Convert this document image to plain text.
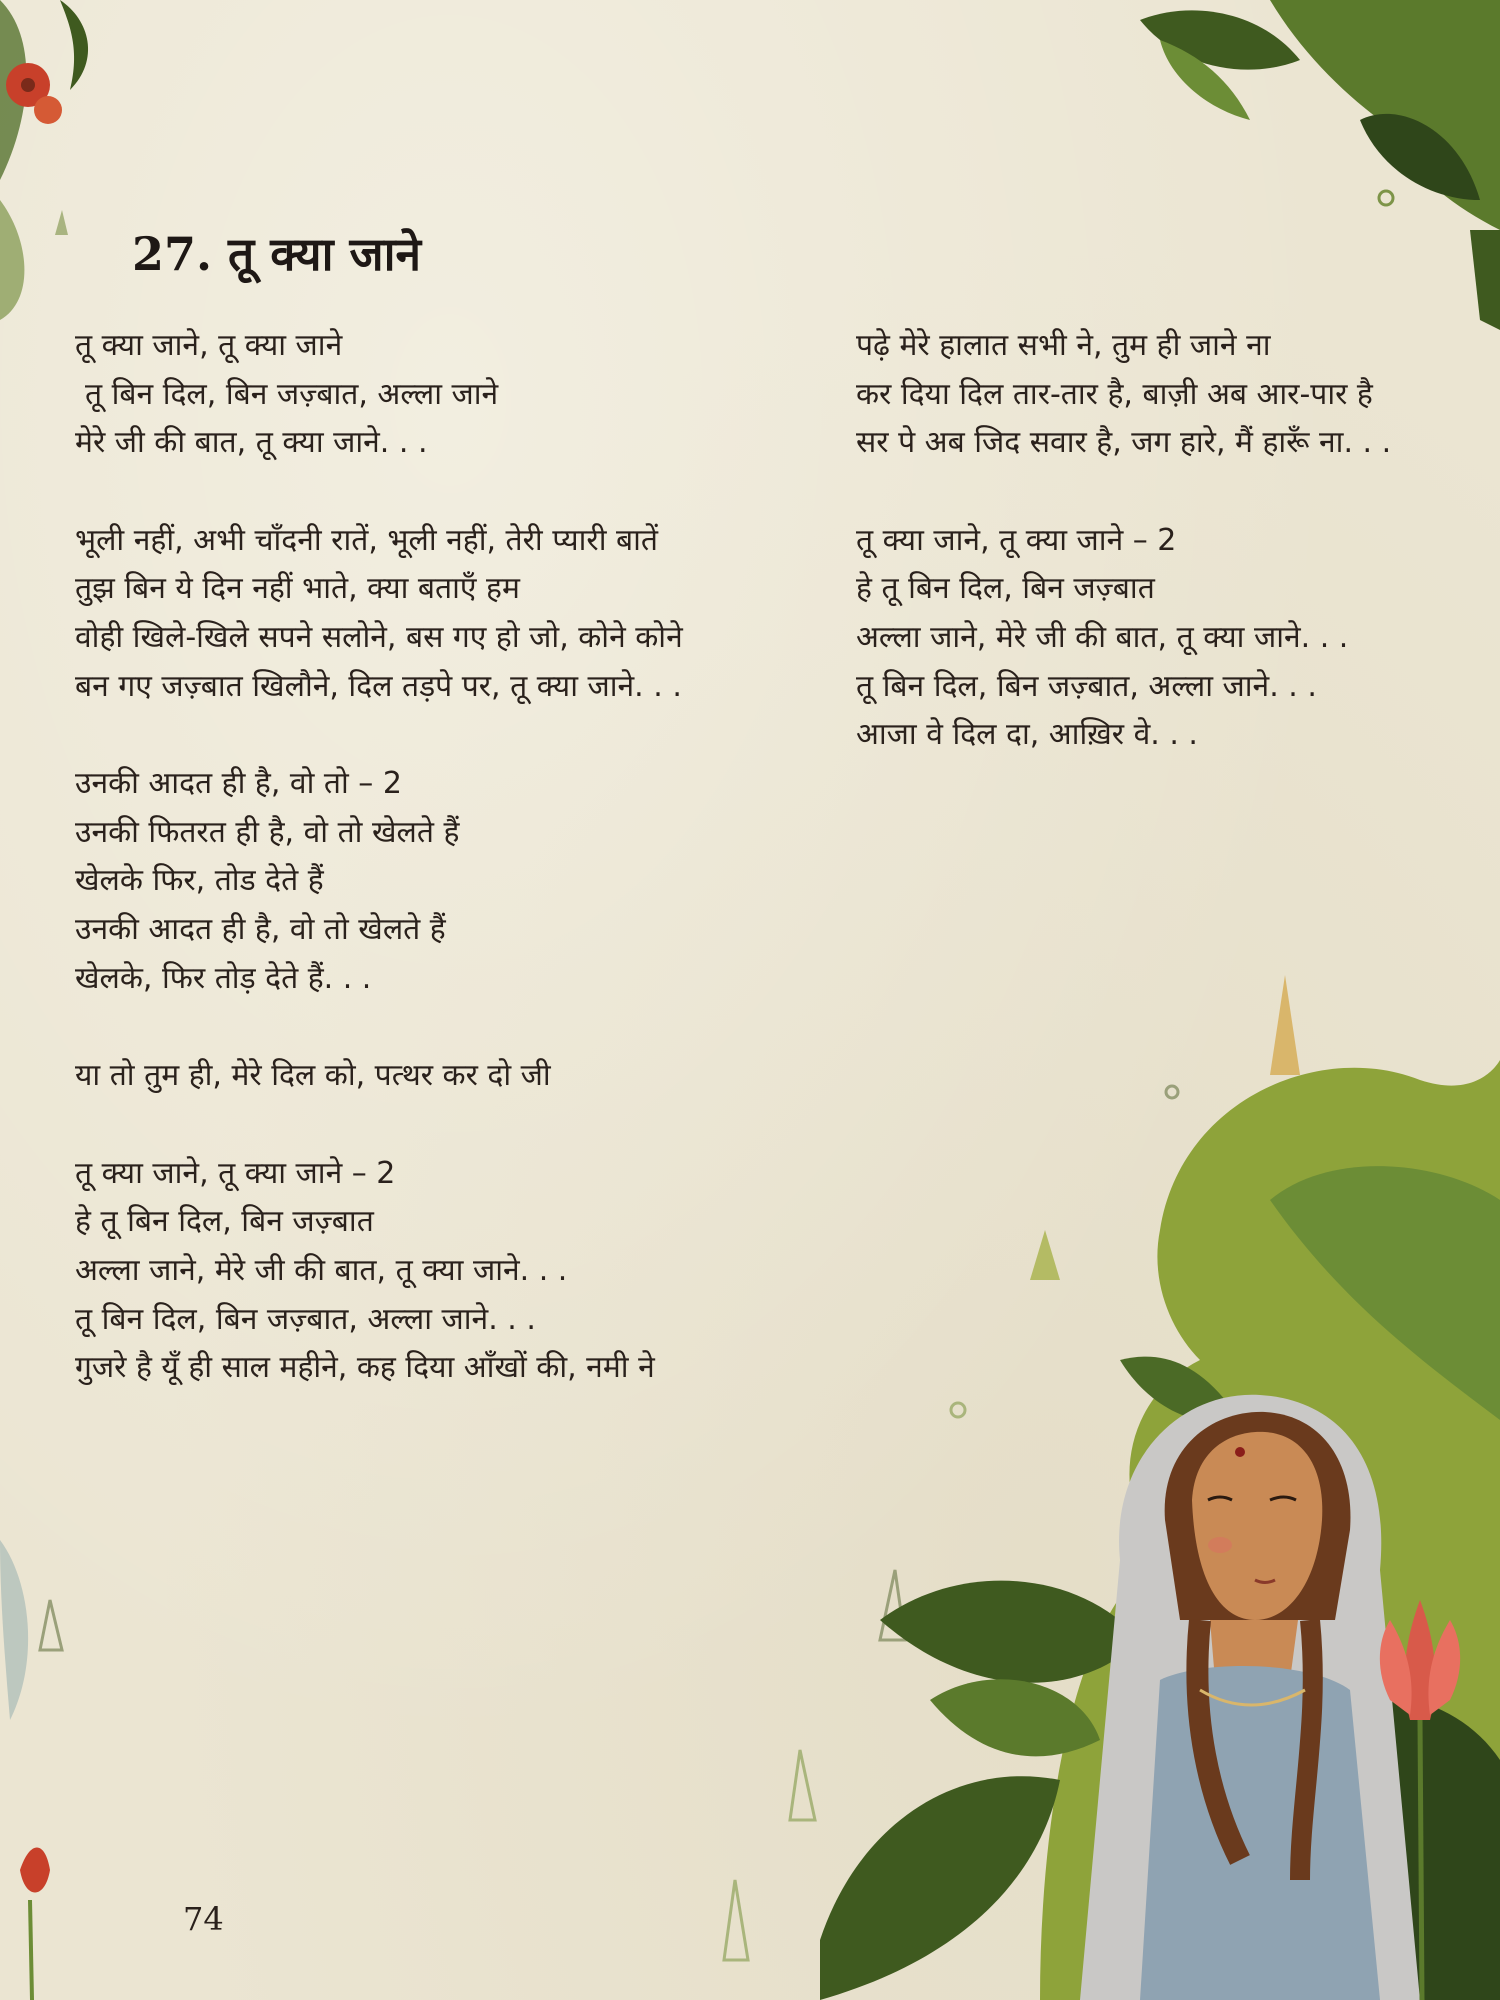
27. तू क्या जाने
तू क्या जाने, तू क्या जाने
तू बिन दिल, बिन जज़्बात, अल्ला जाने
मेरे जी की बात, तू क्या जाने. . .
भूली नहीं, अभी चाँदनी रातें, भूली नहीं, तेरी प्यारी बातें
तुझ बिन ये दिन नहीं भाते, क्या बताएँ हम
वोही खिले-खिले सपने सलोने, बस गए हो जो, कोने कोने
बन गए जज़्बात खिलौने, दिल तड़पे पर, तू क्या जाने. . .
उनकी आदत ही है, वो तो – 2
उनकी फितरत ही है, वो तो खेलते हैं
खेलके फिर, तोड देते हैं
उनकी आदत ही है, वो तो खेलते हैं
खेलके, फिर तोड़ देते हैं. . .
या तो तुम ही, मेरे दिल को, पत्थर कर दो जी
तू क्या जाने, तू क्या जाने – 2
हे तू बिन दिल, बिन जज़्बात
अल्ला जाने, मेरे जी की बात, तू क्या जाने. . .
तू बिन दिल, बिन जज़्बात, अल्ला जाने. . .
गुजरे है यूँ ही साल महीने, कह दिया आँखों की, नमी ने
पढ़े मेरे हालात सभी ने, तुम ही जाने ना
कर दिया दिल तार-तार है, बाज़ी अब आर-पार है
सर पे अब जिद सवार है, जग हारे, मैं हारूँ ना. . .
तू क्या जाने, तू क्या जाने – 2
हे तू बिन दिल, बिन जज़्बात
अल्ला जाने, मेरे जी की बात, तू क्या जाने. . .
तू बिन दिल, बिन जज़्बात, अल्ला जाने. . .
आजा वे दिल दा, आख़िर वे. . .
74
